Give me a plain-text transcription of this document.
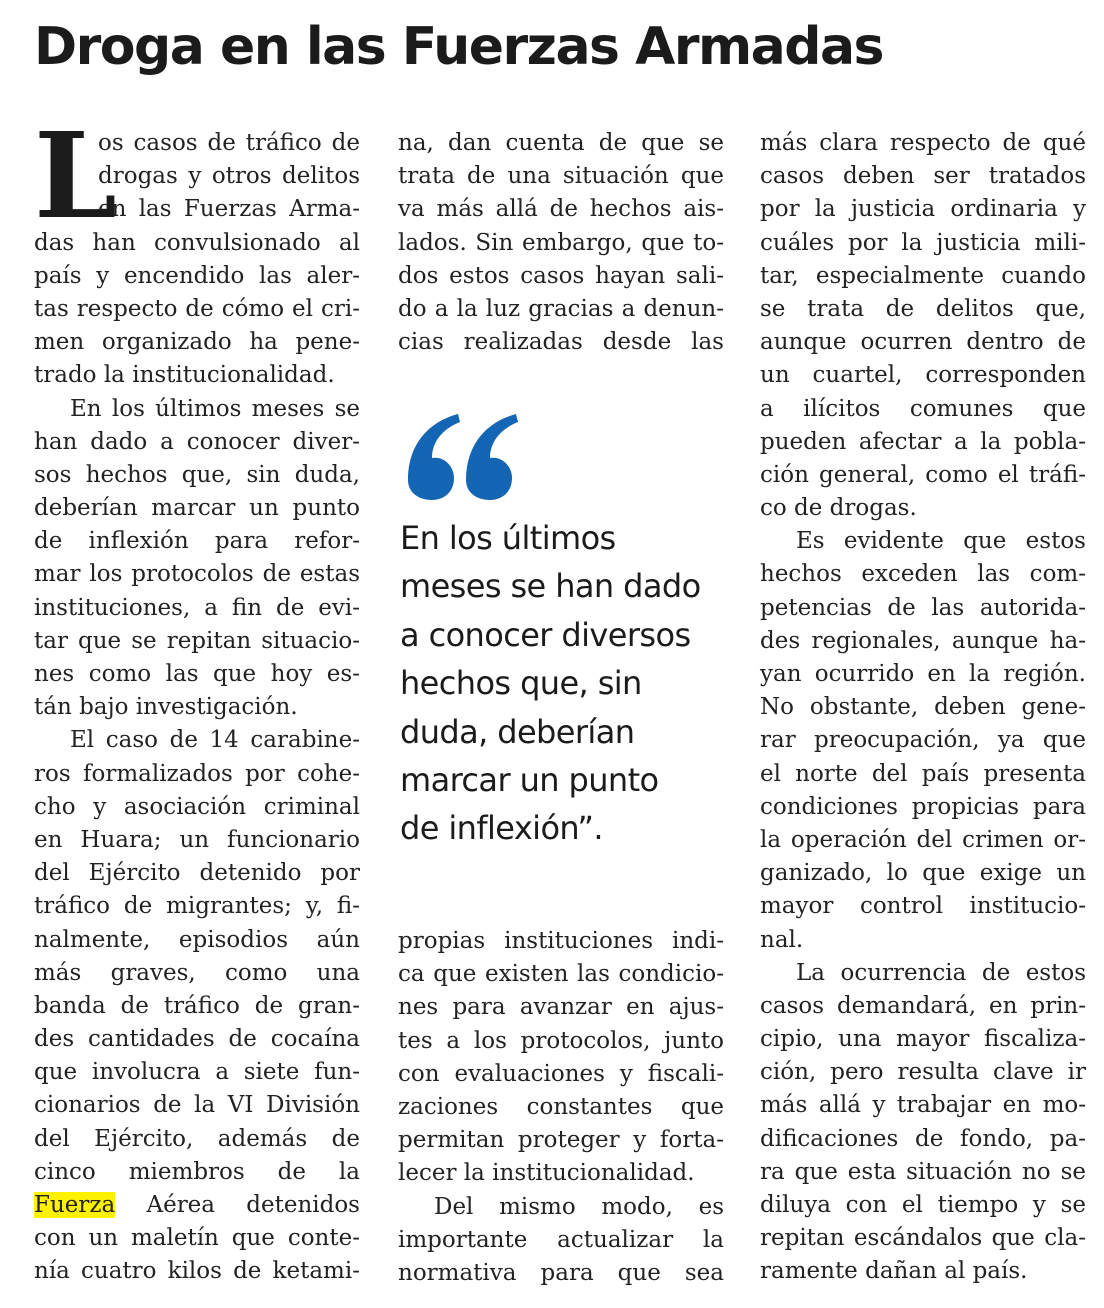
Droga en las Fuerzas Armadas
L
os casos de tráfico de
drogas y otros delitos
en las Fuerzas Arma-
das han convulsionado al
país y encendido las aler-
tas respecto de cómo el cri-
men organizado ha pene-
trado la institucionalidad.
En los últimos meses se
han dado a conocer diver-
sos hechos que, sin duda,
deberían marcar un punto
de inflexión para refor-
mar los protocolos de estas
instituciones, a fin de evi-
tar que se repitan situacio-
nes como las que hoy es-
tán bajo investigación.
El caso de 14 carabine-
ros formalizados por cohe-
cho y asociación criminal
en Huara; un funcionario
del Ejército detenido por
tráfico de migrantes; y, fi-
nalmente, episodios aún
más graves, como una
banda de tráfico de gran-
des cantidades de cocaína
que involucra a siete fun-
cionarios de la VI División
del Ejército, además de
cinco miembros de la
Fuerza Aérea detenidos
con un maletín que conte-
nía cuatro kilos de ketami-
na, dan cuenta de que se
trata de una situación que
va más allá de hechos ais-
lados. Sin embargo, que to-
dos estos casos hayan sali-
do a la luz gracias a denun-
cias realizadas desde las
En los últimos
meses se han dado
a conocer diversos
hechos que, sin
duda, deberían
marcar un punto
de inflexión”.
propias instituciones indi-
ca que existen las condicio-
nes para avanzar en ajus-
tes a los protocolos, junto
con evaluaciones y fiscali-
zaciones constantes que
permitan proteger y forta-
lecer la institucionalidad.
Del mismo modo, es
importante actualizar la
normativa para que sea
más clara respecto de qué
casos deben ser tratados
por la justicia ordinaria y
cuáles por la justicia mili-
tar, especialmente cuando
se trata de delitos que,
aunque ocurren dentro de
un cuartel, corresponden
a ilícitos comunes que
pueden afectar a la pobla-
ción general, como el tráfi-
co de drogas.
Es evidente que estos
hechos exceden las com-
petencias de las autorida-
des regionales, aunque ha-
yan ocurrido en la región.
No obstante, deben gene-
rar preocupación, ya que
el norte del país presenta
condiciones propicias para
la operación del crimen or-
ganizado, lo que exige un
mayor control institucio-
nal.
La ocurrencia de estos
casos demandará, en prin-
cipio, una mayor fiscaliza-
ción, pero resulta clave ir
más allá y trabajar en mo-
dificaciones de fondo, pa-
ra que esta situación no se
diluya con el tiempo y se
repitan escándalos que cla-
ramente dañan al país.
